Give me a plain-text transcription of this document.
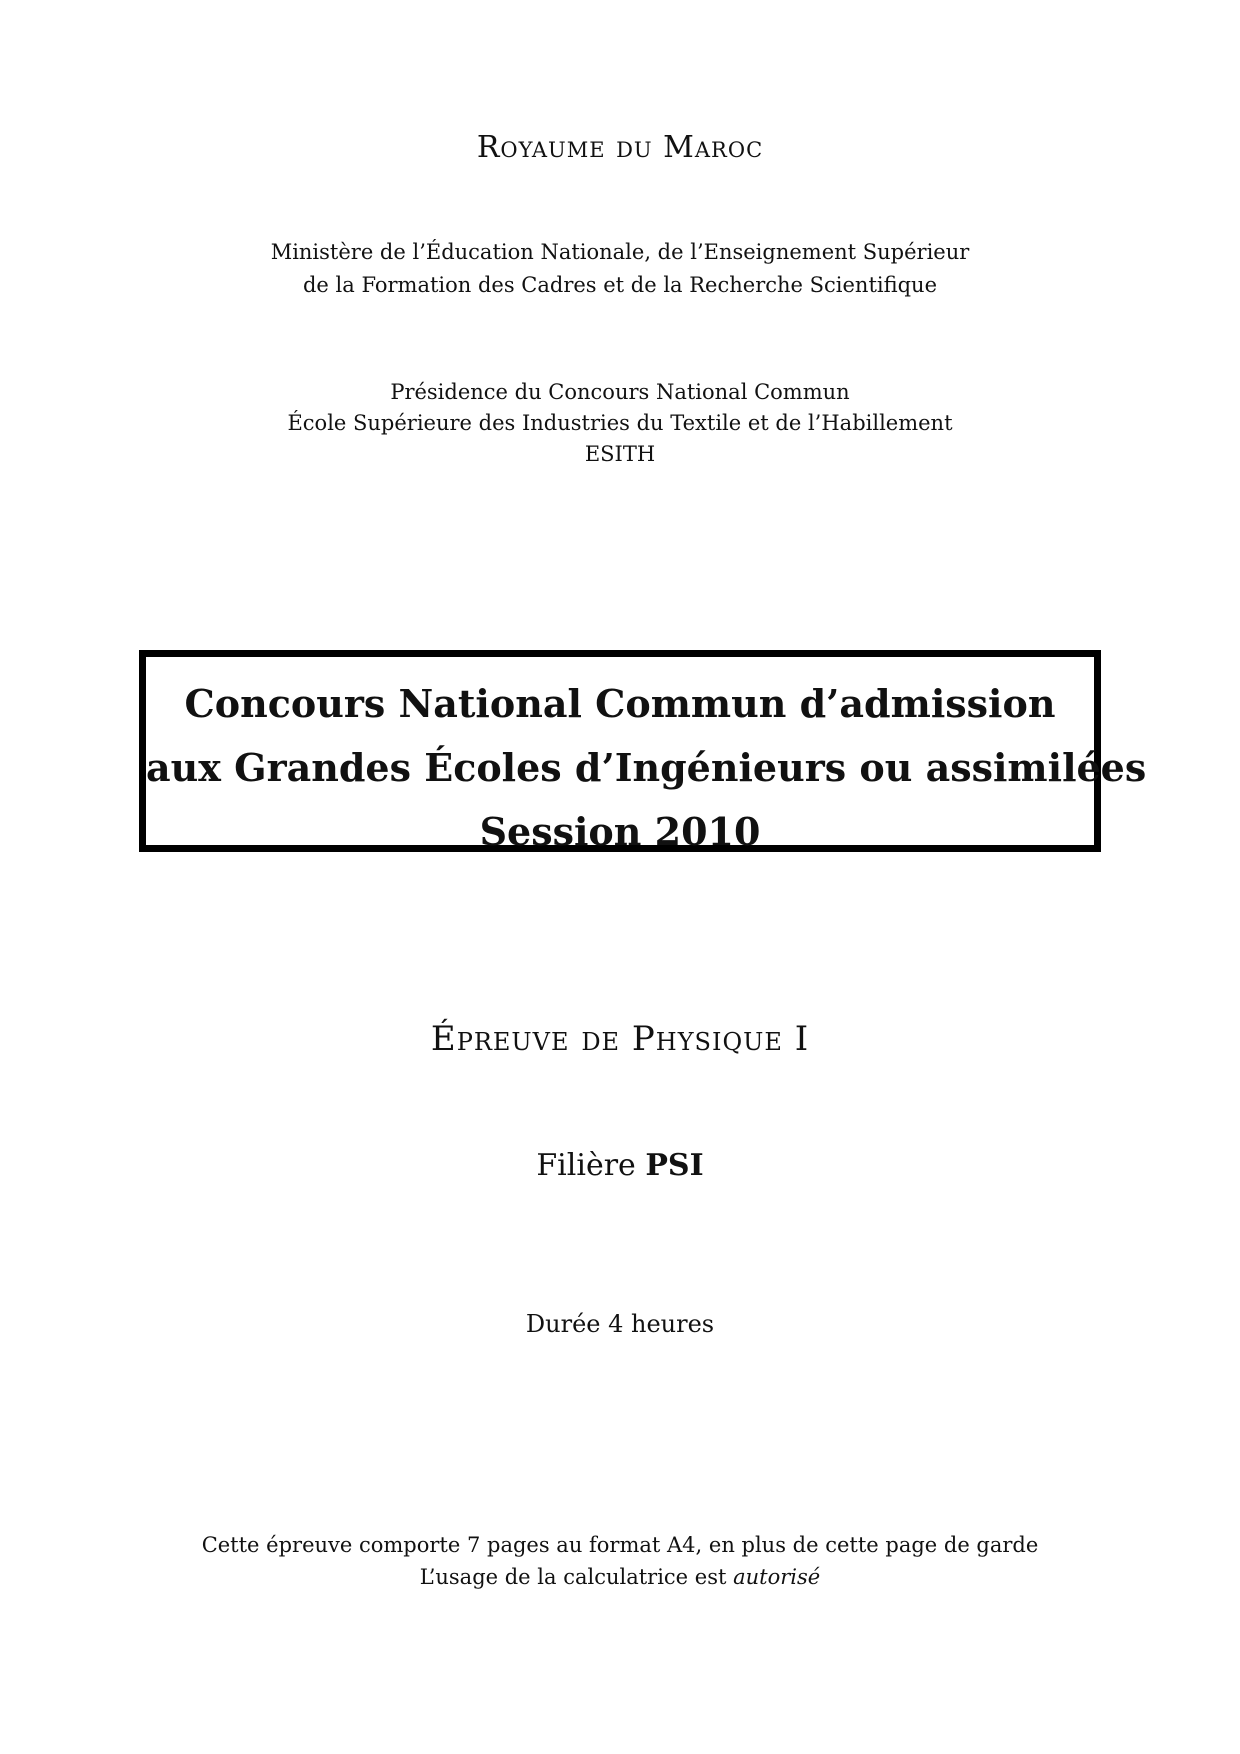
Royaume du Maroc

Ministère de l’Éducation Nationale, de l’Enseignement Supérieur

de la Formation des Cadres et de la Recherche Scientifique

Présidence du Concours National Commun

École Supérieure des Industries du Textile et de l’Habillement

ESITH

Concours National Commun d’admission

aux Grandes Écoles d’Ingénieurs ou assimilées

Session 2010

Épreuve de Physique I

Filière PSI

Durée 4 heures

Cette épreuve comporte 7 pages au format A4, en plus de cette page de garde

L’usage de la calculatrice est autorisé
